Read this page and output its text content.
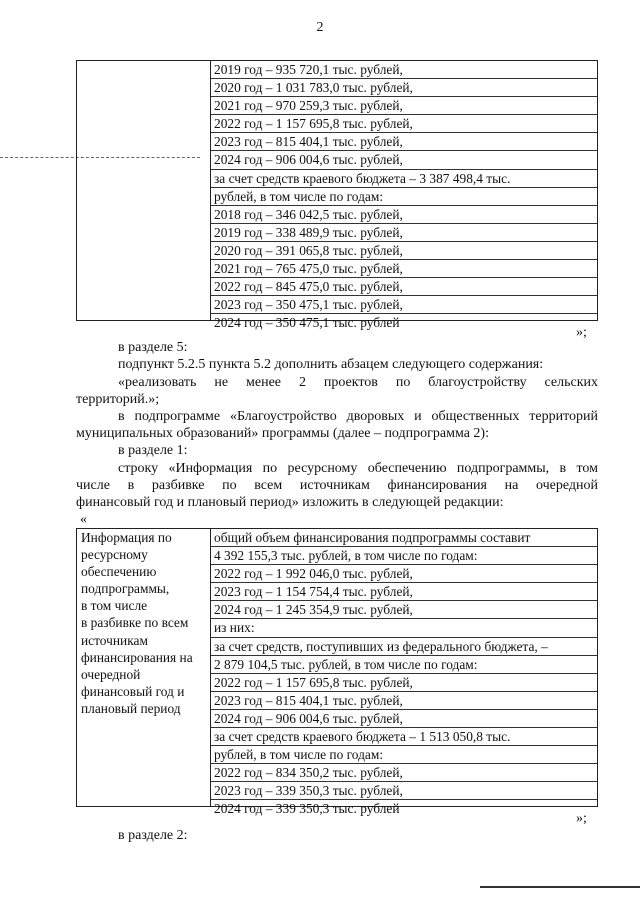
2
2019 год – 935 720,1 тыс. рублей,
2020 год – 1 031 783,0 тыс. рублей,
2021 год – 970 259,3 тыс. рублей,
2022 год – 1 157 695,8 тыс. рублей,
2023 год – 815 404,1 тыс. рублей,
2024 год – 906 004,6 тыс. рублей,
за счет средств краевого бюджета – 3 387 498,4 тыс.
рублей, в том числе по годам:
2018 год – 346 042,5 тыс. рублей,
2019 год – 338 489,9 тыс. рублей,
2020 год – 391 065,8 тыс. рублей,
2021 год – 765 475,0 тыс. рублей,
2022 год – 845 475,0 тыс. рублей,
2023 год – 350 475,1 тыс. рублей,
2024 год – 350 475,1 тыс. рублей
»;
в разделе 5:
подпункт 5.2.5 пункта 5.2 дополнить абзацем следующего содержания:
«реализовать не менее 2 проектов по благоустройству сельских
территорий.»;
в подпрограмме «Благоустройство дворовых и общественных территорий
муниципальных образований» программы (далее – подпрограмма 2):
в разделе 1:
строку «Информация по ресурсному обеспечению подпрограммы, в том
числе в разбивке по всем источникам финансирования на очередной
финансовый год и плановый период» изложить в следующей редакции:
«
Информация по
ресурсному
обеспечению
подпрограммы,
в том числе
в разбивке по всем
источникам
финансирования на
очередной
финансовый год и
плановый период
общий объем финансирования подпрограммы составит
4 392 155,3 тыс. рублей, в том числе по годам:
2022 год – 1 992 046,0 тыс. рублей,
2023 год – 1 154 754,4 тыс. рублей,
2024 год – 1 245 354,9 тыс. рублей,
из них:
за счет средств, поступивших из федерального бюджета, –
2 879 104,5 тыс. рублей, в том числе по годам:
2022 год – 1 157 695,8 тыс. рублей,
2023 год – 815 404,1 тыс. рублей,
2024 год – 906 004,6 тыс. рублей,
за счет средств краевого бюджета – 1 513 050,8 тыс.
рублей, в том числе по годам:
2022 год – 834 350,2 тыс. рублей,
2023 год – 339 350,3 тыс. рублей,
2024 год – 339 350,3 тыс. рублей
»;
в разделе 2:
